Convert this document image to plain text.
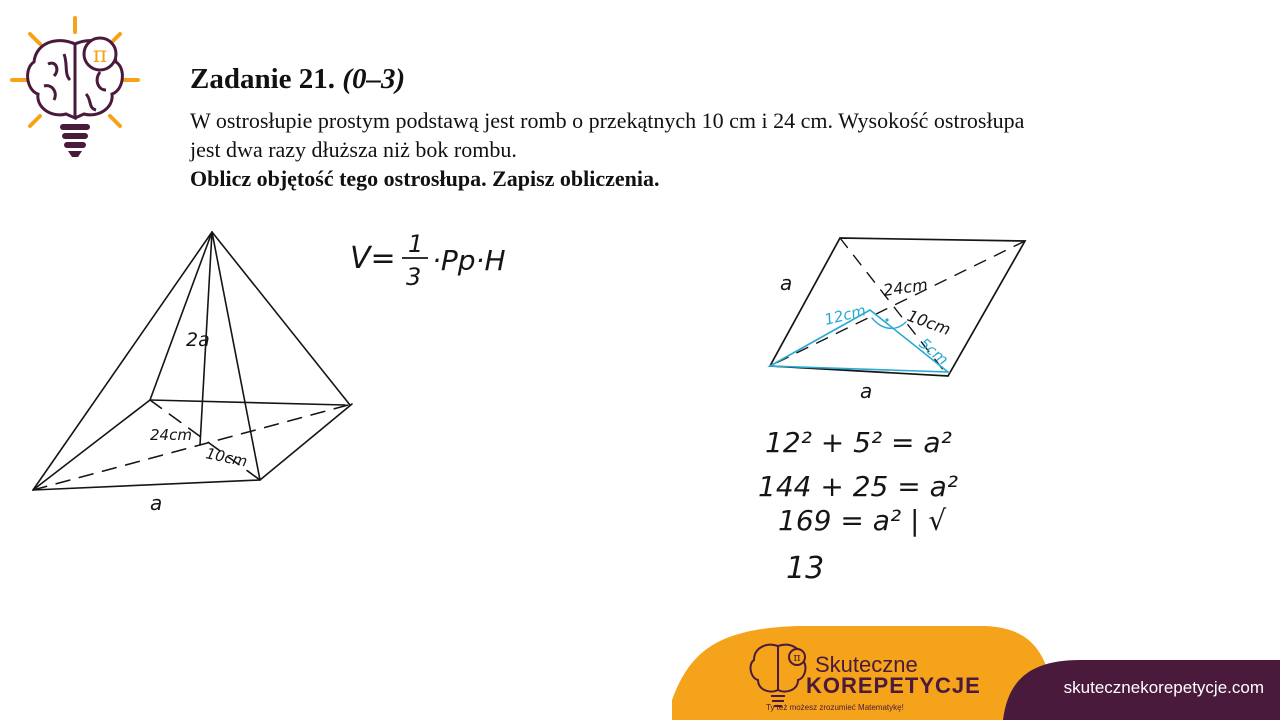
π
Zadanie 21. (0–3)

W ostrosłupie prostym podstawą jest romb o przekątnych 10 cm i 24 cm. Wysokość ostrosłupa

jest dwa razy dłuższa niż bok rombu.

Oblicz objętość tego ostrosłupa. Zapisz obliczenia.

2a
24cm
10cm
a
V= 1
3 ·Pp·H
a
a
24cm
10cm
12cm
5cm
12² + 5² = a²
144 + 25 = a²
169 = a² | √
13
π Skuteczne
KOREPETYCJE
Ty też możesz zrozumieć Matematykę!
skutecznekorepetycje.com
